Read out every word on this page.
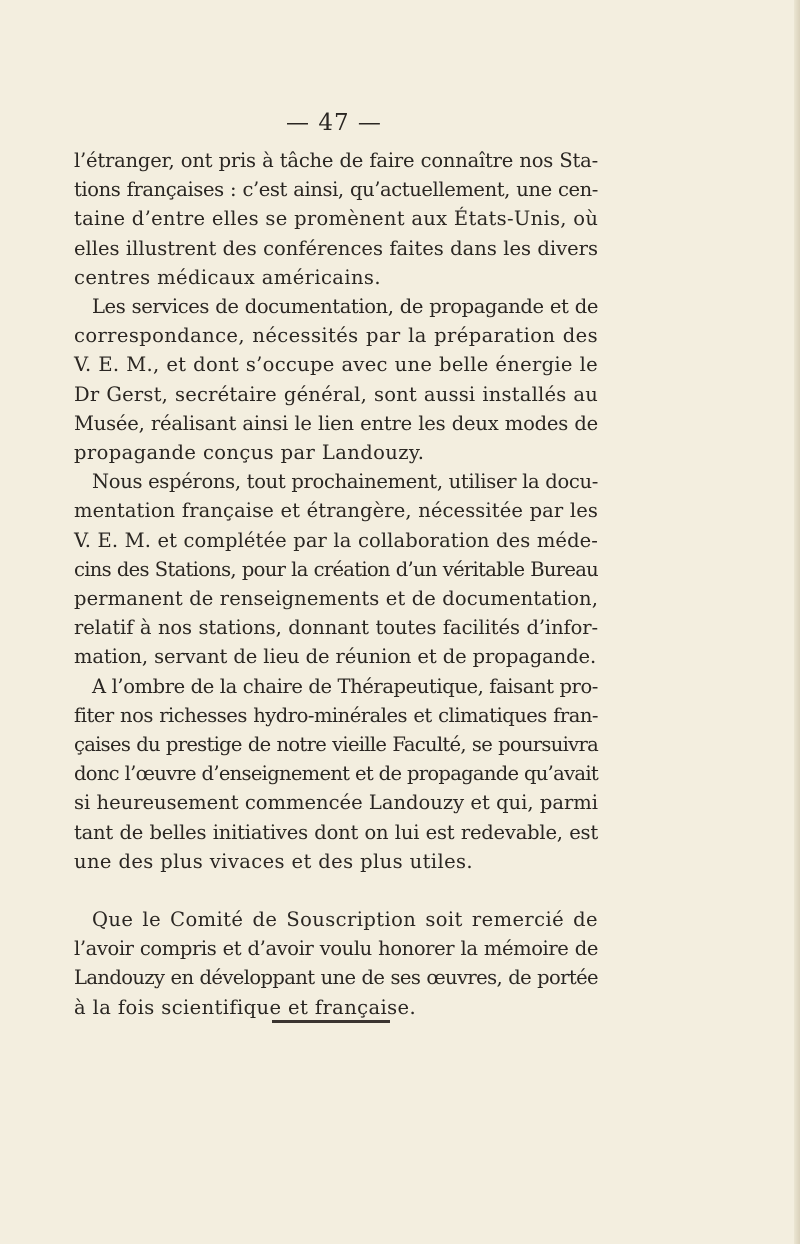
— 47 —
l’étranger, ont pris à tâche de faire connaître nos Sta-
tions françaises : c’est ainsi, qu’actuellement, une cen-
taine d’entre elles se promènent aux États-Unis, où
elles illustrent des conférences faites dans les divers
centres médicaux américains.
Les services de documentation, de propagande et de
correspondance, nécessités par la préparation des
V. E. M., et dont s’occupe avec une belle énergie le
Dr Gerst, secrétaire général, sont aussi installés au
Musée, réalisant ainsi le lien entre les deux modes de
propagande conçus par Landouzy.
Nous espérons, tout prochainement, utiliser la docu-
mentation française et étrangère, nécessitée par les
V. E. M. et complétée par la collaboration des méde-
cins des Stations, pour la création d’un véritable Bureau
permanent de renseignements et de documentation,
relatif à nos stations, donnant toutes facilités d’infor-
mation, servant de lieu de réunion et de propagande.
A l’ombre de la chaire de Thérapeutique, faisant pro-
fiter nos richesses hydro-minérales et climatiques fran-
çaises du prestige de notre vieille Faculté, se poursuivra
donc l’œuvre d’enseignement et de propagande qu’avait
si heureusement commencée Landouzy et qui, parmi
tant de belles initiatives dont on lui est redevable, est
une des plus vivaces et des plus utiles.
Que le Comité de Souscription soit remercié de
l’avoir compris et d’avoir voulu honorer la mémoire de
Landouzy en développant une de ses œuvres, de portée
à la fois scientifique et française.
